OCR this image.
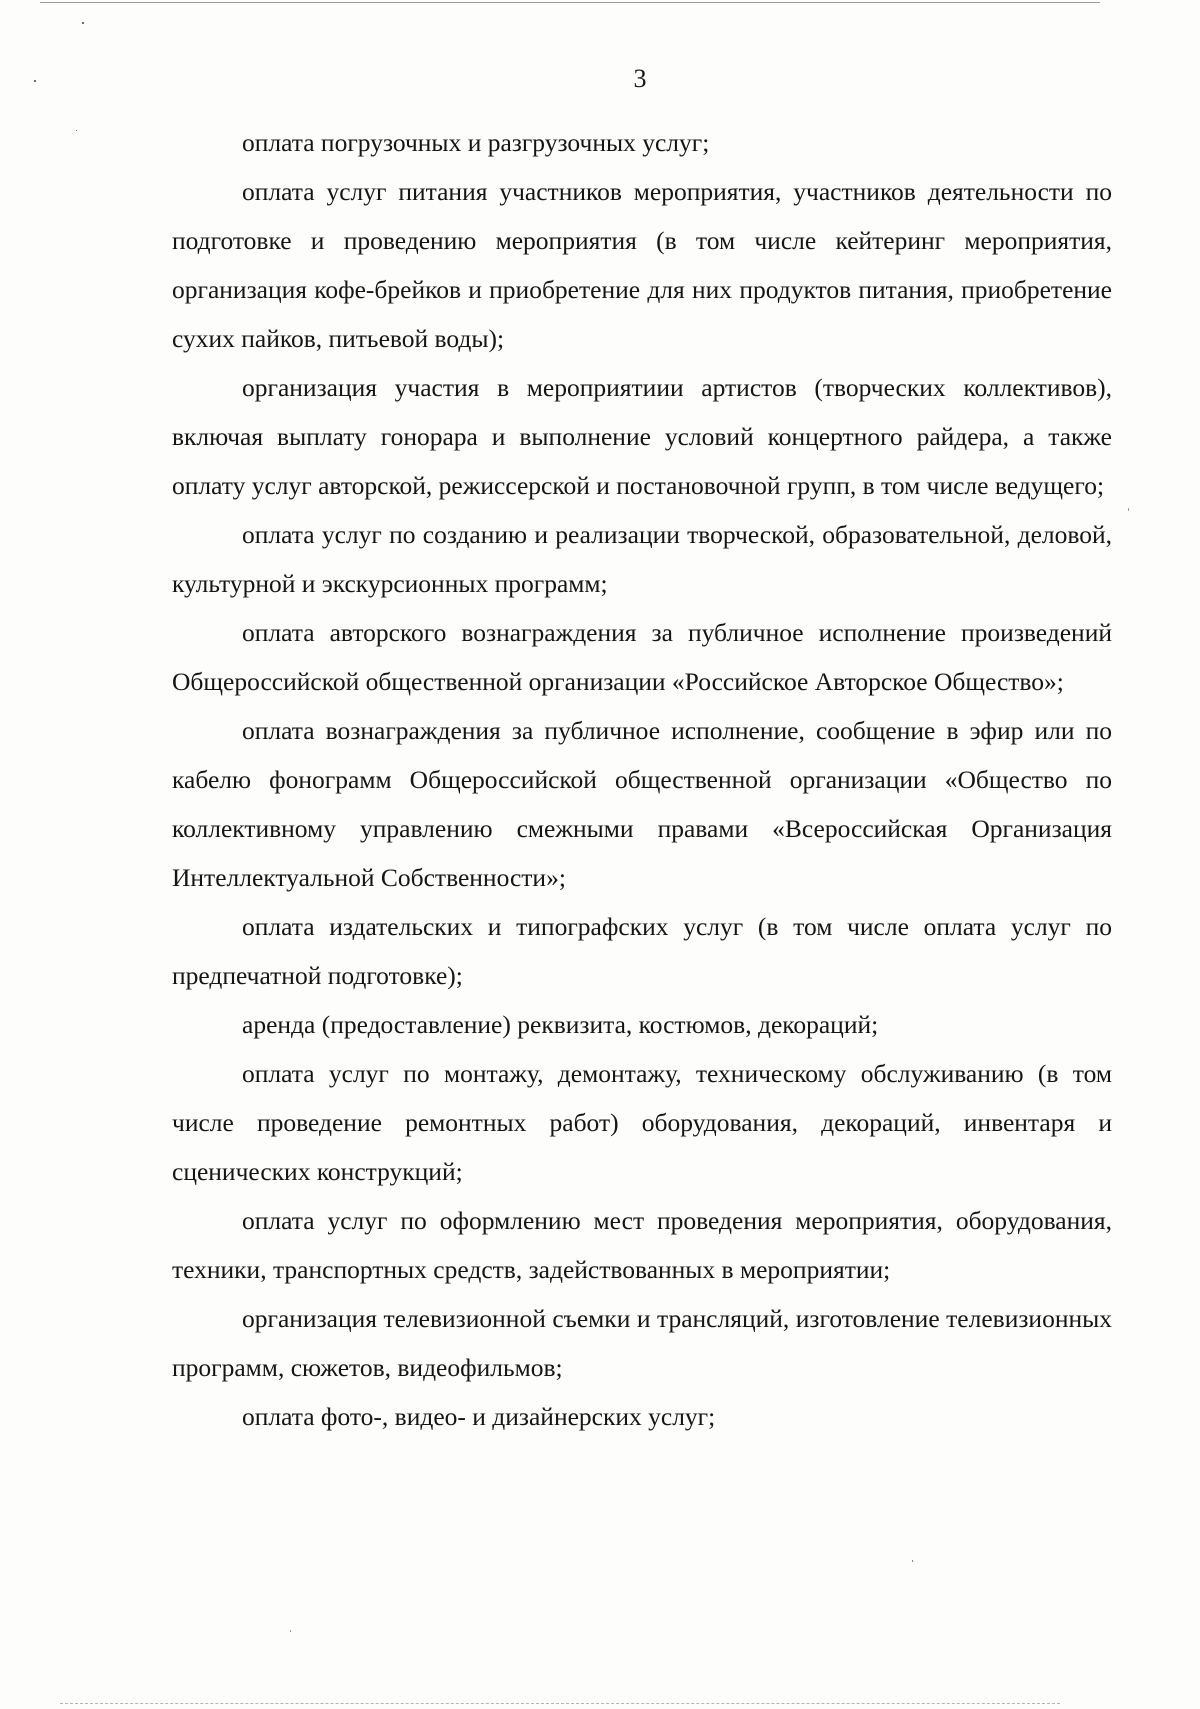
3

оплата погрузочных и разгрузочных услуг;

оплата услуг питания участников мероприятия, участников деятельности по подготовке и проведению мероприятия (в том числе кейтеринг мероприятия, организация кофе-брейков и приобретение для них продуктов питания, приобретение сухих пайков, питьевой воды);

организация участия в мероприятиии артистов (творческих коллективов), включая выплату гонорара и выполнение условий концертного райдера, а также оплату услуг авторской, режиссерской и постановочной групп, в том числе ведущего;

оплата услуг по созданию и реализации творческой, образовательной, деловой, культурной и экскурсионных программ;

оплата авторского вознаграждения за публичное исполнение произведений Общероссийской общественной организации «Российское Авторское Общество»;

оплата вознаграждения за публичное исполнение, сообщение в эфир или по кабелю фонограмм Общероссийской общественной организации «Общество по коллективному управлению смежными правами «Всероссийская Организация Интеллектуальной Собственности»;

оплата издательских и типографских услуг (в том числе оплата услуг по предпечатной подготовке);

аренда (предоставление) реквизита, костюмов, декораций;

оплата услуг по монтажу, демонтажу, техническому обслуживанию (в том числе проведение ремонтных работ) оборудования, декораций, инвентаря и сценических конструкций;

оплата услуг по оформлению мест проведения мероприятия, оборудования, техники, транспортных средств, задействованных в мероприятии;

организация телевизионной съемки и трансляций, изготовление телевизионных программ, сюжетов, видеофильмов;

оплата фото-, видео- и дизайнерских услуг;
